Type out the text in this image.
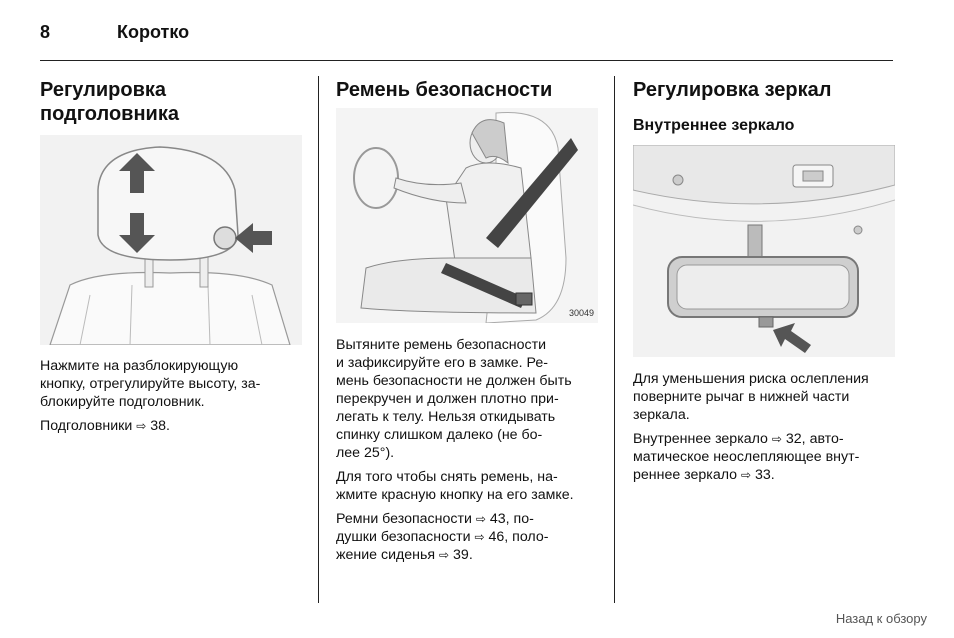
8	Коротко
Регулировка
подголовника

Нажмите на разблокирующую
кнопку, отрегулируйте высоту, за-
блокируйте подголовник.

Подголовники ⇨ 38.

Ремень безопасности
30049

Вытяните ремень безопасности
и зафиксируйте его в замке. Ре-
мень безопасности не должен быть
перекручен и должен плотно при-
легать к телу. Нельзя откидывать
спинку слишком далеко (не бо-
лее 25°).

Для того чтобы снять ремень, на-
жмите красную кнопку на его замке.

Ремни безопасности ⇨ 43, по-
душки безопасности ⇨ 46, поло-
жение сиденья ⇨ 39.

Регулировка зеркал
Внутреннее зеркало

Для уменьшения риска ослепления
поверните рычаг в нижней части
зеркала.

Внутреннее зеркало ⇨ 32, авто-
матическое неослепляющее внут-
реннее зеркало ⇨ 33.

Назад к обзору
